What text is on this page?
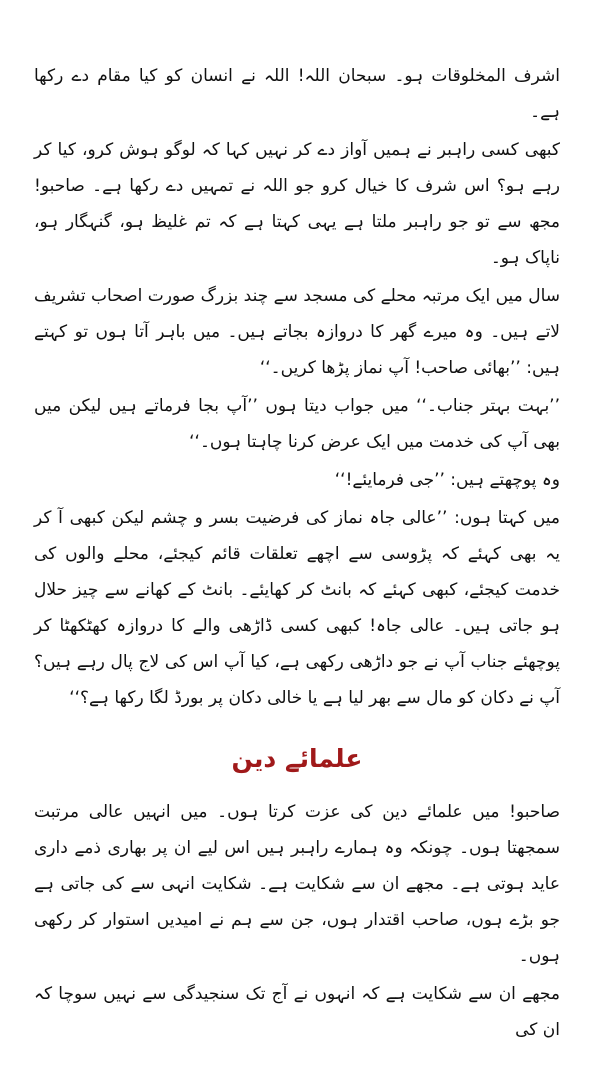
اشرف المخلوقات ہو۔ سبحان اللہ! اللہ نے انسان کو کیا مقام دے رکھا ہے۔

کبھی کسی راہبر نے ہمیں آواز دے کر نہیں کہا کہ لوگو ہوش کرو، کیا کر رہے ہو؟ اس شرف کا خیال کرو جو اللہ نے تمہیں دے رکھا ہے۔ صاحبو! مجھ سے تو جو راہبر ملتا ہے یہی کہتا ہے کہ تم غلیظ ہو، گنہگار ہو، ناپاک ہو۔

سال میں ایک مرتبہ محلے کی مسجد سے چند بزرگ صورت اصحاب تشریف لاتے ہیں۔ وہ میرے گھر کا دروازہ بجاتے ہیں۔ میں باہر آتا ہوں تو کہتے ہیں: ’’بھائی صاحب! آپ نماز پڑھا کریں۔‘‘

’’بہت بہتر جناب۔‘‘ میں جواب دیتا ہوں ’’آپ بجا فرماتے ہیں لیکن میں بھی آپ کی خدمت میں ایک عرض کرنا چاہتا ہوں۔‘‘

وہ پوچھتے ہیں: ’’جی فرمایئے!‘‘

میں کہتا ہوں: ’’عالی جاہ نماز کی فرضیت بسر و چشم لیکن کبھی آ کر یہ بھی کہئے کہ پڑوسی سے اچھے تعلقات قائم کیجئے، محلے والوں کی خدمت کیجئے، کبھی کہئے کہ بانٹ کر کھایئے۔ بانٹ کے کھانے سے چیز حلال ہو جاتی ہیں۔ عالی جاہ! کبھی کسی ڈاڑھی والے کا دروازہ کھٹکھٹا کر پوچھئے جناب آپ نے جو داڑھی رکھی ہے، کیا آپ اس کی لاج پال رہے ہیں؟ آپ نے دکان کو مال سے بھر لیا ہے یا خالی دکان پر بورڈ لگا رکھا ہے؟‘‘

علمائے دین

صاحبو! میں علمائے دین کی عزت کرتا ہوں۔ میں انہیں عالی مرتبت سمجھتا ہوں۔ چونکہ وہ ہمارے راہبر ہیں اس لیے ان پر بھاری ذمے داری عاید ہوتی ہے۔ مجھے ان سے شکایت ہے۔ شکایت انہی سے کی جاتی ہے جو بڑے ہوں، صاحب اقتدار ہوں، جن سے ہم نے امیدیں استوار کر رکھی ہوں۔

مجھے ان سے شکایت ہے کہ انہوں نے آج تک سنجیدگی سے نہیں سوچا کہ ان کی
